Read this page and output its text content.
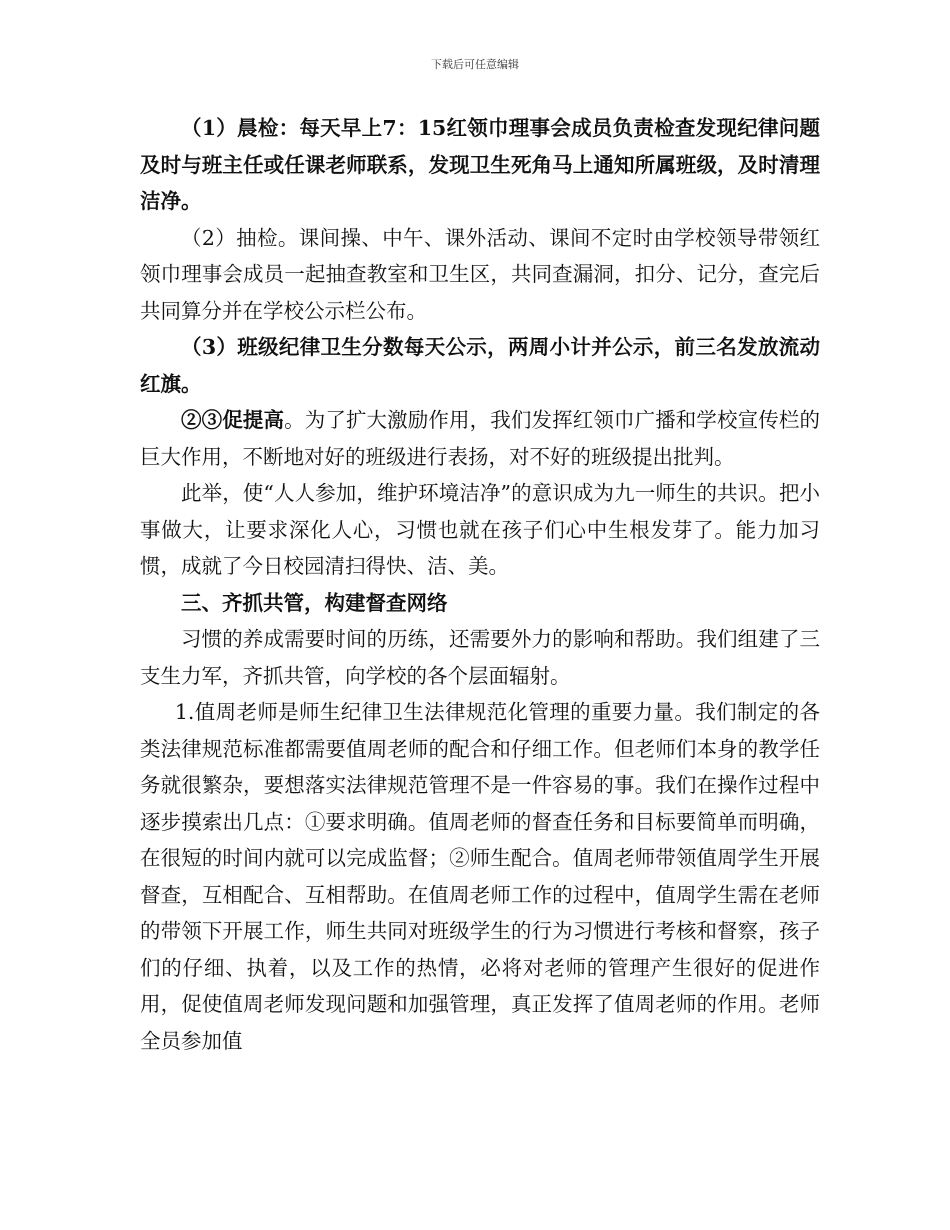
下载后可任意编辑

（1）晨检：每天早上7：15红领巾理事会成员负责检查发现纪律问题及时与班主任或任课老师联系，发现卫生死角马上通知所属班级，及时清理洁净。

（2）抽检。课间操、中午、课外活动、课间不定时由学校领导带领红领巾理事会成员一起抽查教室和卫生区，共同查漏洞，扣分、记分，查完后共同算分并在学校公示栏公布。

（3）班级纪律卫生分数每天公示，两周小计并公示，前三名发放流动红旗。

②③促提高。为了扩大激励作用，我们发挥红领巾广播和学校宣传栏的巨大作用，不断地对好的班级进行表扬，对不好的班级提出批判。

此举，使“人人参加，维护环境洁净”的意识成为九一师生的共识。把小事做大，让要求深化人心，习惯也就在孩子们心中生根发芽了。能力加习惯，成就了今日校园清扫得快、洁、美。

三、齐抓共管，构建督查网络

习惯的养成需要时间的历练，还需要外力的影响和帮助。我们组建了三支生力军，齐抓共管，向学校的各个层面辐射。

1.值周老师是师生纪律卫生法律规范化管理的重要力量。我们制定的各类法律规范标准都需要值周老师的配合和仔细工作。但老师们本身的教学任务就很繁杂，要想落实法律规范管理不是一件容易的事。我们在操作过程中逐步摸索出几点：①要求明确。值周老师的督查任务和目标要简单而明确，在很短的时间内就可以完成监督；②师生配合。值周老师带领值周学生开展督查，互相配合、互相帮助。在值周老师工作的过程中，值周学生需在老师的带领下开展工作，师生共同对班级学生的行为习惯进行考核和督察，孩子们的仔细、执着，以及工作的热情，必将对老师的管理产生很好的促进作用，促使值周老师发现问题和加强管理，真正发挥了值周老师的作用。老师全员参加值
